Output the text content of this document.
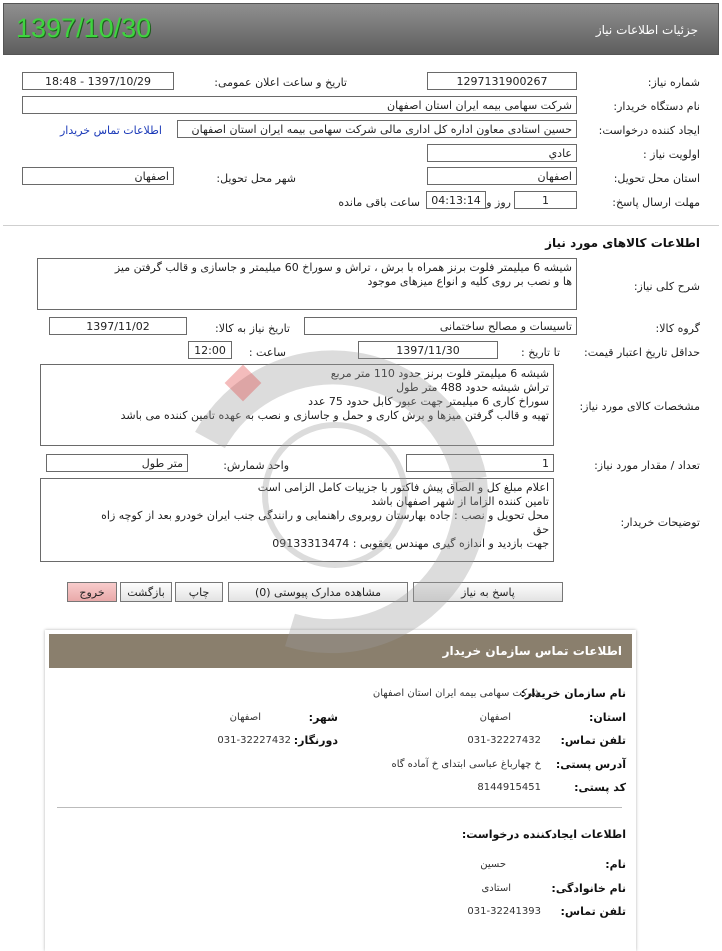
جزئیات اطلاعات نیاز
1397/10/30
شماره نیاز:
1297131900267
تاریخ و ساعت اعلان عمومی:
1397/10/29 - 18:48
نام دستگاه خریدار:
شرکت سهامی بیمه ایران استان اصفهان
ایجاد کننده درخواست:
حسین استادی معاون اداره کل اداری مالی شرکت سهامی بیمه ایران استان اصفهان
اطلاعات تماس خریدار
اولویت نیاز :
عادي
استان محل تحویل:
اصفهان
شهر محل تحویل:
اصفهان
مهلت ارسال پاسخ:
1
روز و
04:13:14
ساعت باقی مانده
اطلاعات کالاهای مورد نیاز
شرح کلی نیاز:
شیشه 6 میلیمتر فلوت برنز همراه با برش ، تراش و سوراخ 60 میلیمتر و جاسازی و قالب گرفتن میز
ها و نصب بر روی کلیه و انواع میزهای موجود
گروه کالا:
تاسیسات و مصالح ساختمانی
تاریخ نیاز به کالا:
1397/11/02
حداقل تاریخ اعتبار قیمت:
تا تاریخ :
1397/11/30
ساعت :
12:00
مشخصات کالای مورد نیاز:
شیشه 6 میلیمتر فلوت برنز حدود 110 متر مربع
تراش شیشه حدود 488 متر طول
سوراخ کاری 6 میلیمتر جهت عبور کابل حدود 75 عدد
تهیه و قالب گرفتن میزها و برش کاری و حمل و جاسازی و نصب به عهده تامین کننده می باشد
تعداد / مقدار مورد نیاز:
1
واحد شمارش:
متر طول
توضیحات خریدار:
اعلام مبلغ کل و الصاق پیش فاکتور با جزییات کامل الزامی است
تامین کننده الزاما از شهر اصفهان باشد
محل تحویل و نصب : جاده بهارستان روبروی راهنمایی و رانندگی جنب ایران خودرو بعد از کوچه زاه
حق
جهت بازدید و اندازه گیری مهندس یعقوبی : 09133313474
پاسخ به نیاز
مشاهده مدارک پیوستی (0)
چاپ
بازگشت
خروج
اطلاعات تماس سازمان خریدار
نام سازمان خریدار:
شرکت سهامی بیمه ایران استان اصفهان
استان:
اصفهان
شهر:
اصفهان
تلفن تماس:
031-32227432
دورنگار:
031-32227432
آدرس پستی:
خ چهارباغ عباسی ابتدای خ آماده گاه
کد پستی:
8144915451
اطلاعات ایجادکننده درخواست:
نام:
حسین
نام خانوادگی:
استادی
تلفن تماس:
031-32241393
